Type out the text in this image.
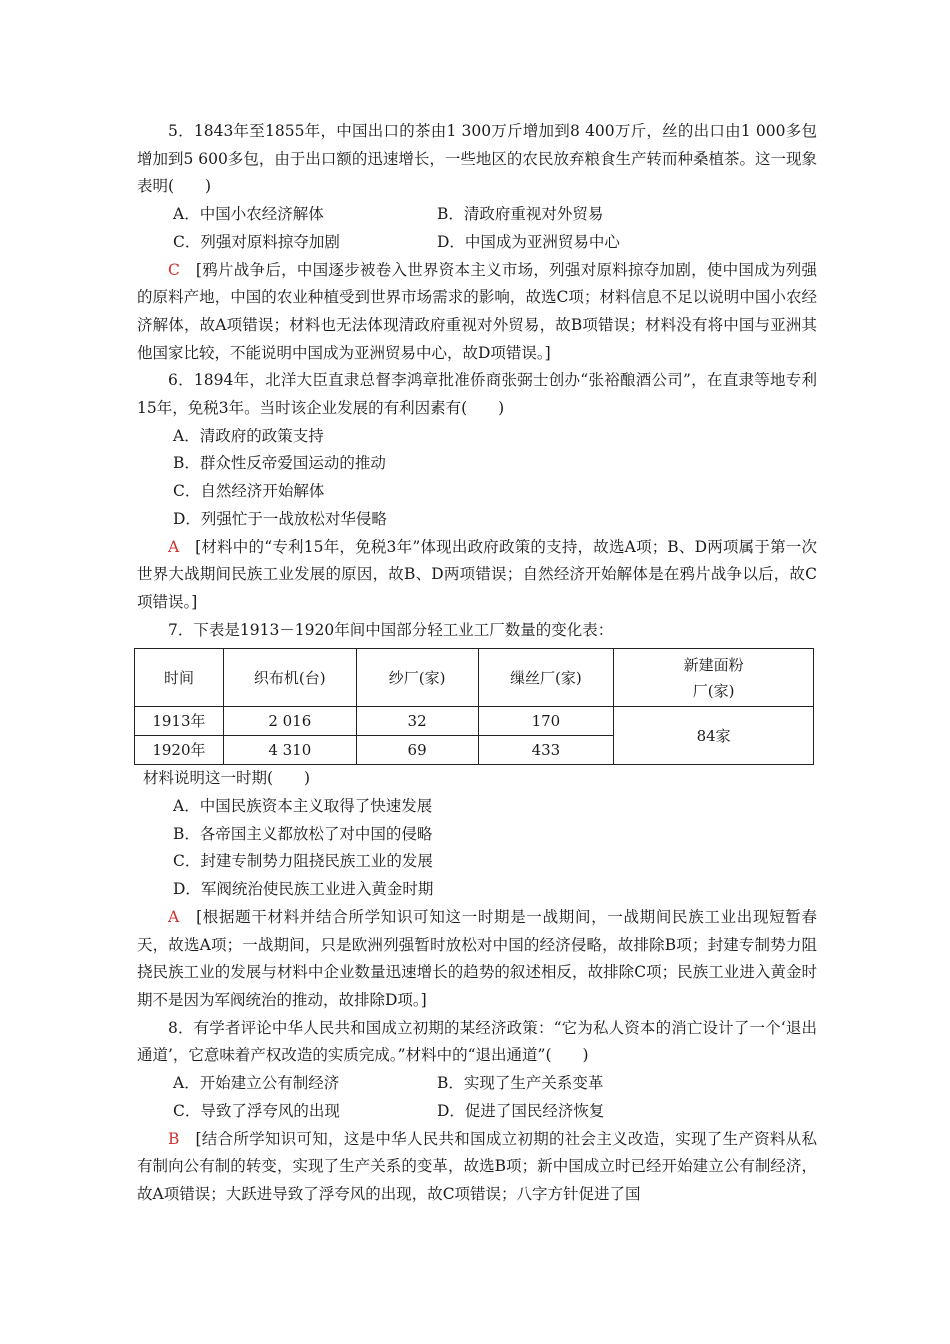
5．1843年至1855年，中国出口的茶由1 300万斤增加到8 400万斤，丝的出口由1 000多包增加到5 600多包，由于出口额的迅速增长，一些地区的农民放弃粮食生产转而种桑植茶。这一现象表明(　　)

A．中国小农经济解体	B．清政府重视对外贸易
C．列强对原料掠夺加剧	D．中国成为亚洲贸易中心

C　 [鸦片战争后，中国逐步被卷入世界资本主义市场，列强对原料掠夺加剧，使中国成为列强的原料产地，中国的农业种植受到世界市场需求的影响，故选C项；材料信息不足以说明中国小农经济解体，故A项错误；材料也无法体现清政府重视对外贸易，故B项错误；材料没有将中国与亚洲其他国家比较，不能说明中国成为亚洲贸易中心，故D项错误。]

6．1894年，北洋大臣直隶总督李鸿章批准侨商张弼士创办“张裕酿酒公司”，在直隶等地专利15年，免税3年。当时该企业发展的有利因素有(　　)

A．清政府的政策支持

B．群众性反帝爱国运动的推动

C．自然经济开始解体

D．列强忙于一战放松对华侵略

A　 [材料中的“专利15年，免税3年”体现出政府政策的支持，故选A项；B、D两项属于第一次世界大战期间民族工业发展的原因，故B、D两项错误；自然经济开始解体是在鸦片战争以后，故C项错误。]

7．下表是1913－1920年间中国部分轻工业工厂数量的变化表：

时间	织布机(台)	纱厂(家)	缫丝厂(家)	新建面粉
厂(家)

1913年	2 016	32	170	84家
1920年	4 310	69	433	

材料说明这一时期(　　)

A．中国民族资本主义取得了快速发展

B．各帝国主义都放松了对中国的侵略

C．封建专制势力阻挠民族工业的发展

D．军阀统治使民族工业进入黄金时期

A　 [根据题干材料并结合所学知识可知这一时期是一战期间，一战期间民族工业出现短暂春天，故选A项；一战期间，只是欧洲列强暂时放松对中国的经济侵略，故排除B项；封建专制势力阻挠民族工业的发展与材料中企业数量迅速增长的趋势的叙述相反，故排除C项；民族工业进入黄金时期不是因为军阀统治的推动，故排除D项。]

8．有学者评论中华人民共和国成立初期的某经济政策：“它为私人资本的消亡设计了一个‘退出通道’，它意味着产权改造的实质完成。”材料中的“退出通道”(　　)

A．开始建立公有制经济	B．实现了生产关系变革
C．导致了浮夸风的出现	D．促进了国民经济恢复

B　 [结合所学知识可知，这是中华人民共和国成立初期的社会主义改造，实现了生产资料从私有制向公有制的转变，实现了生产关系的变革，故选B项；新中国成立时已经开始建立公有制经济，故A项错误；大跃进导致了浮夸风的出现，故C项错误；八字方针促进了国
